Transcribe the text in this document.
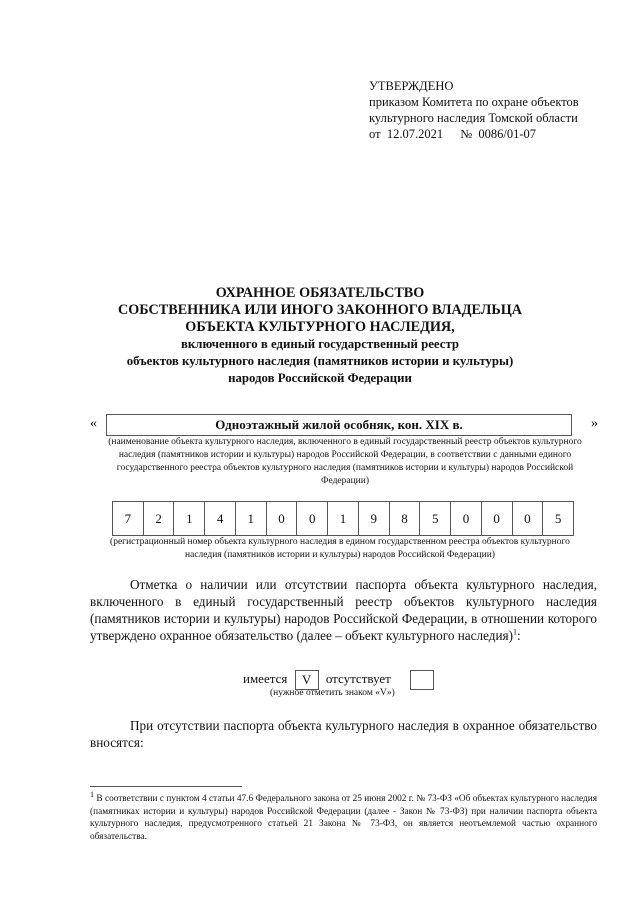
УТВЕРЖДЕНО
приказом Комитета по охране объектов
культурного наследия Томской области
от 12.07.2021 № 0086/01-07
ОХРАННОЕ ОБЯЗАТЕЛЬСТВО
СОБСТВЕННИКА ИЛИ ИНОГО ЗАКОННОГО ВЛАДЕЛЬЦА
ОБЪЕКТА КУЛЬТУРНОГО НАСЛЕДИЯ,
включенного в единый государственный реестр
объектов культурного наследия (памятников истории и культуры)
народов Российской Федерации
«	Одноэтажный жилой особняк, кон. XIX в.	»
(наименование объекта культурного наследия, включенного в единый государственный реестр объектов культурного наследия (памятников истории и культуры) народов Российской Федерации, в соответствии с данными единого государственного реестра объектов культурного наследия (памятников истории и культуры) народов Российской Федерации)
7	2	1	4	1	0	0	1	9	8	5	0	0	0	5
(регистрационный номер объекта культурного наследия в едином государственном реестра объектов культурного наследия (памятников истории и культуры) народов Российской Федерации)
Отметка о наличии или отсутствии паспорта объекта культурного наследия, включенного в единый государственный реестр объектов культурного наследия (памятников истории и культуры) народов Российской Федерации, в отношении которого утверждено охранное обязательство (далее – объект культурного наследия)$^1$:
имеется V отсутствует
(нужное отметить знаком «V»)
При отсутствии паспорта объекта культурного наследия в охранное обязательство вносятся:
$^1$ В соответствии с пунктом 4 статьи 47.6 Федерального закона от 25 июня 2002 г. № 73-ФЗ «Об объектах культурного наследия (памятниках истории и культуры) народов Российской Федерации (далее - Закон № 73-ФЗ) при наличии паспорта объекта культурного наследия, предусмотренного статьей 21 Закона № 73-ФЗ, он является неотъемлемой частью охранного обязательства.
